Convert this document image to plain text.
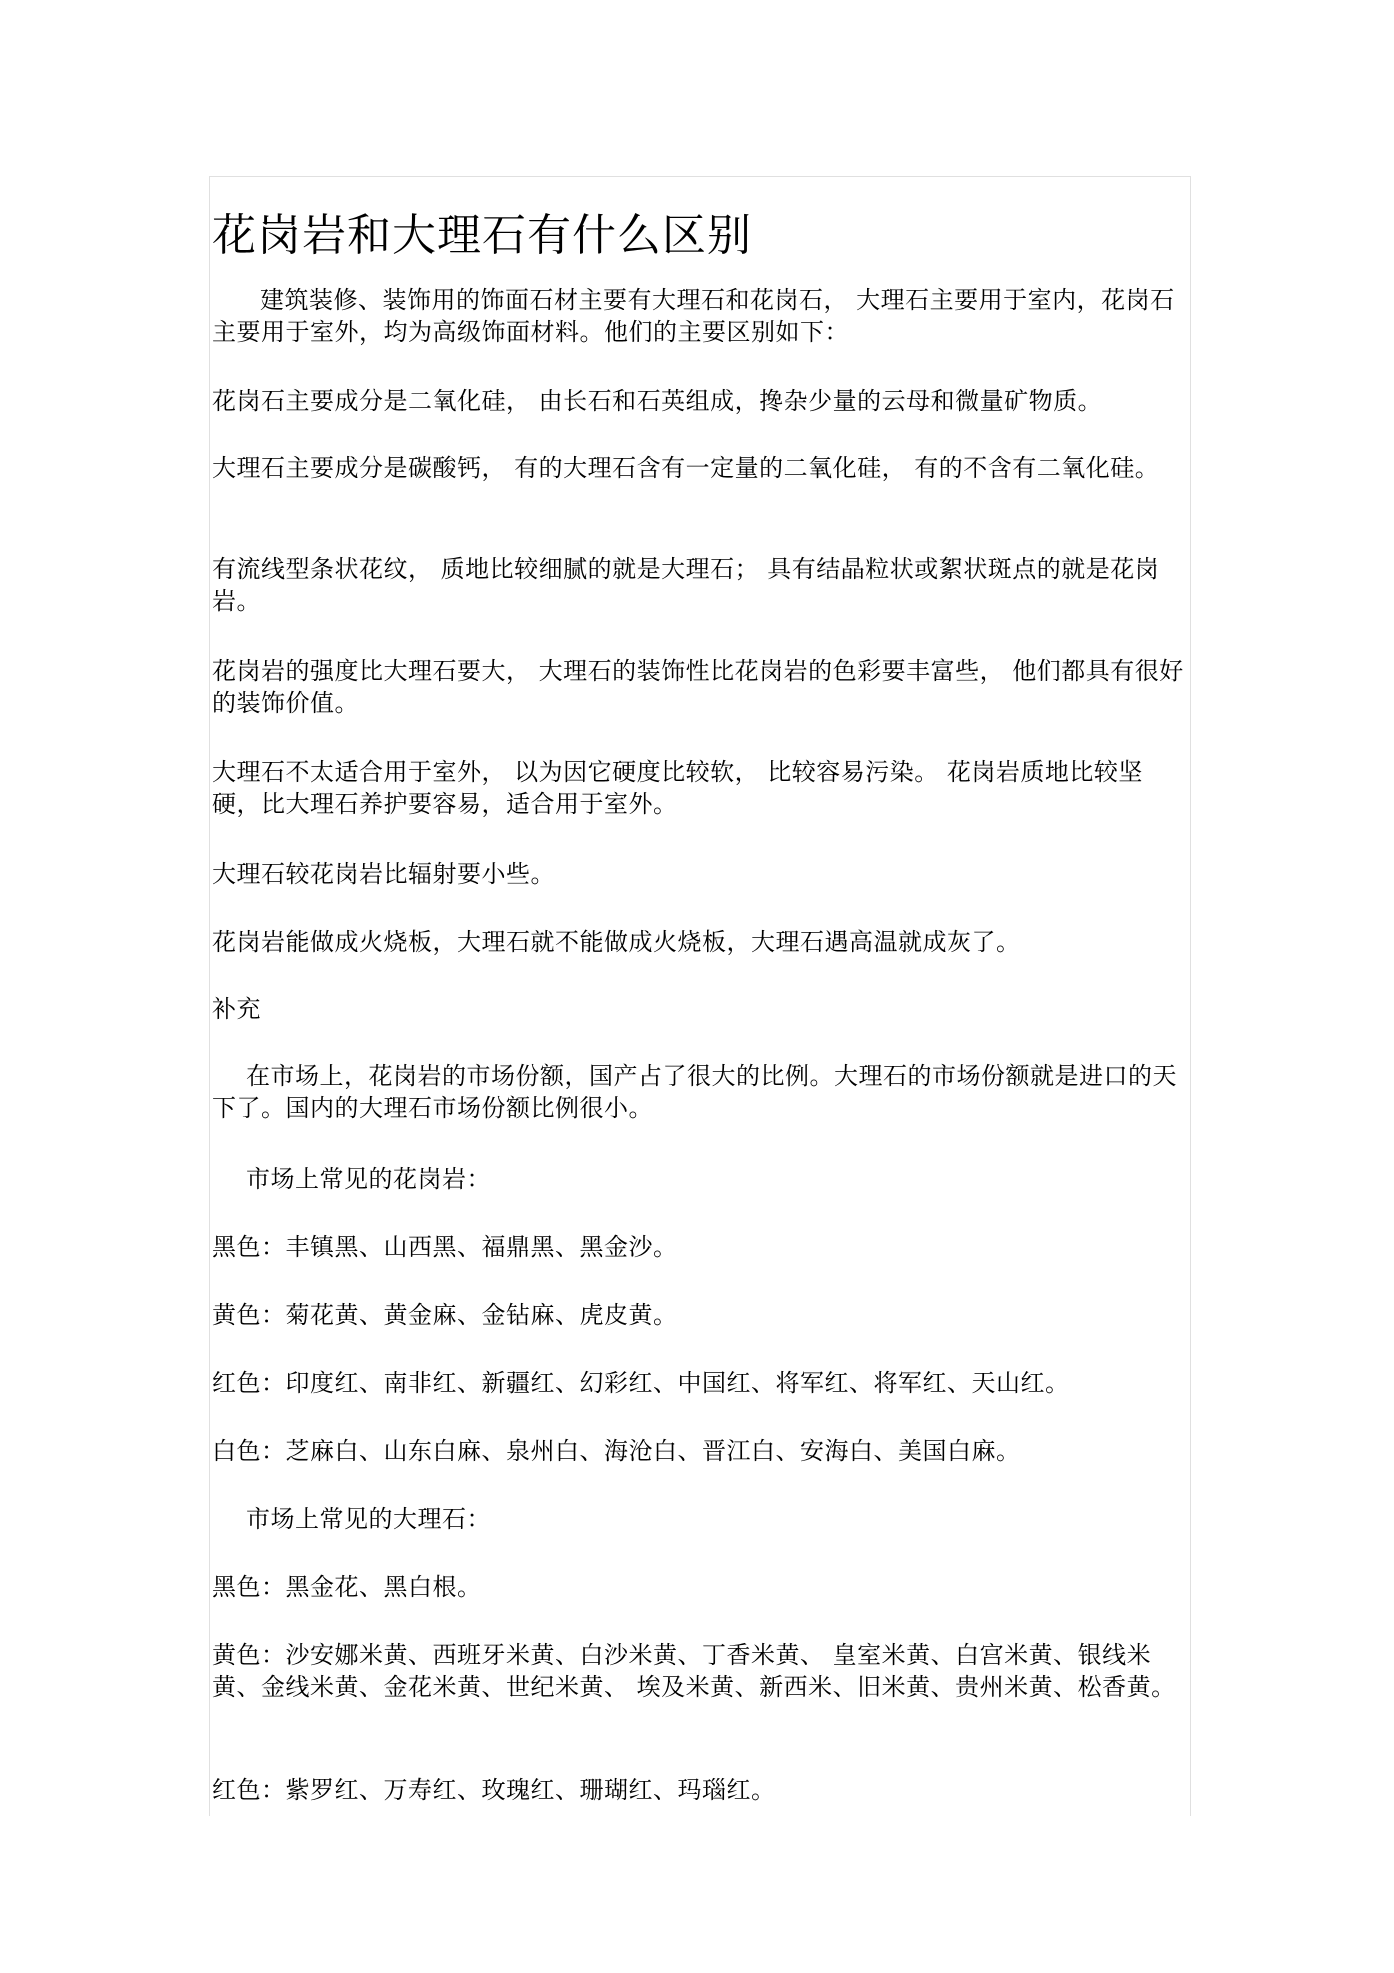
花岗岩和大理石有什么区别

建筑装修、装饰用的饰面石材主要有大理石和花岗石， 大理石主要用于室内，花岗石主要用于室外，均为高级饰面材料。他们的主要区别如下：

花岗石主要成分是二氧化硅， 由长石和石英组成，搀杂少量的云母和微量矿物质。

大理石主要成分是碳酸钙， 有的大理石含有一定量的二氧化硅， 有的不含有二氧化硅。

有流线型条状花纹， 质地比较细腻的就是大理石； 具有结晶粒状或絮状斑点的就是花岗岩。

花岗岩的强度比大理石要大， 大理石的装饰性比花岗岩的色彩要丰富些， 他们都具有很好的装饰价值。

大理石不太适合用于室外， 以为因它硬度比较软， 比较容易污染。 花岗岩质地比较坚硬，比大理石养护要容易，适合用于室外。

大理石较花岗岩比辐射要小些。

花岗岩能做成火烧板，大理石就不能做成火烧板，大理石遇高温就成灰了。

补充

在市场上，花岗岩的市场份额，国产占了很大的比例。大理石的市场份额就是进口的天下了。国内的大理石市场份额比例很小。

市场上常见的花岗岩：

黑色：丰镇黑、山西黑、福鼎黑、黑金沙。

黄色：菊花黄、黄金麻、金钻麻、虎皮黄。

红色：印度红、南非红、新疆红、幻彩红、中国红、将军红、将军红、天山红。

白色：芝麻白、山东白麻、泉州白、海沧白、晋江白、安海白、美国白麻。

市场上常见的大理石：

黑色：黑金花、黑白根。

黄色：沙安娜米黄、西班牙米黄、白沙米黄、丁香米黄、 皇室米黄、白宫米黄、银线米黄、金线米黄、金花米黄、世纪米黄、 埃及米黄、新西米、旧米黄、贵州米黄、松香黄。

红色：紫罗红、万寿红、玫瑰红、珊瑚红、玛瑙红。
